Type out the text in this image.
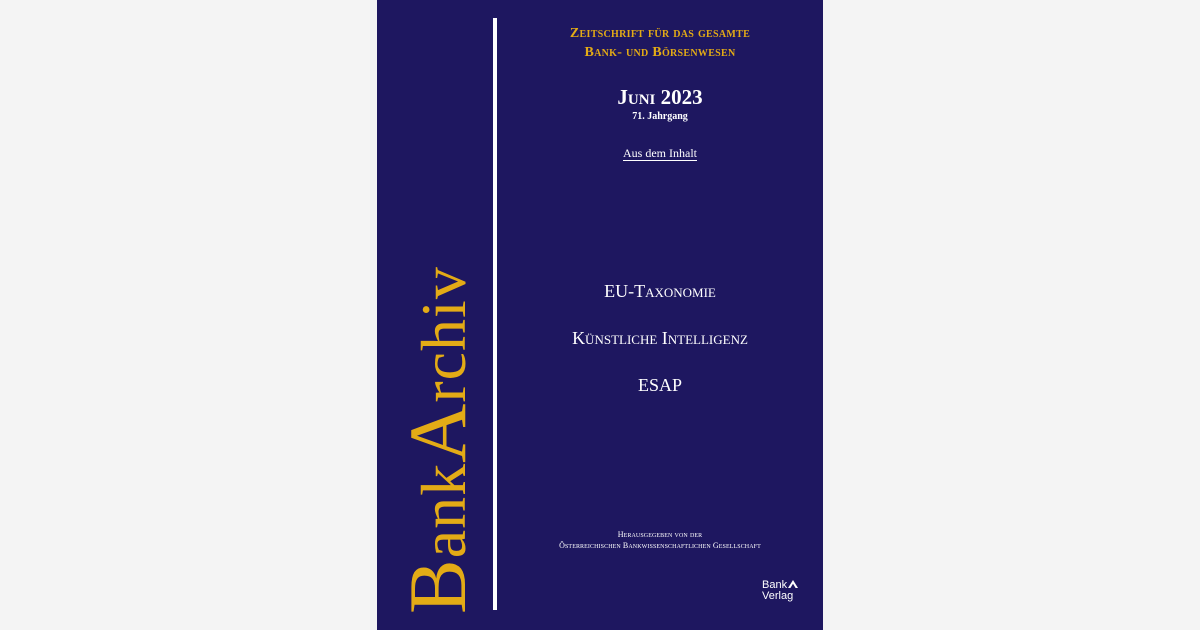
BankArchiv
Zeitschrift für das gesamte
Bank- und Börsenwesen
Juni 2023
71. Jahrgang
Aus dem Inhalt
EU-Taxonomie
Künstliche Intelligenz
ESAP
Herausgegeben von der
Österreichischen Bankwissenschaftlichen Gesellschaft
Bank
Verlag
